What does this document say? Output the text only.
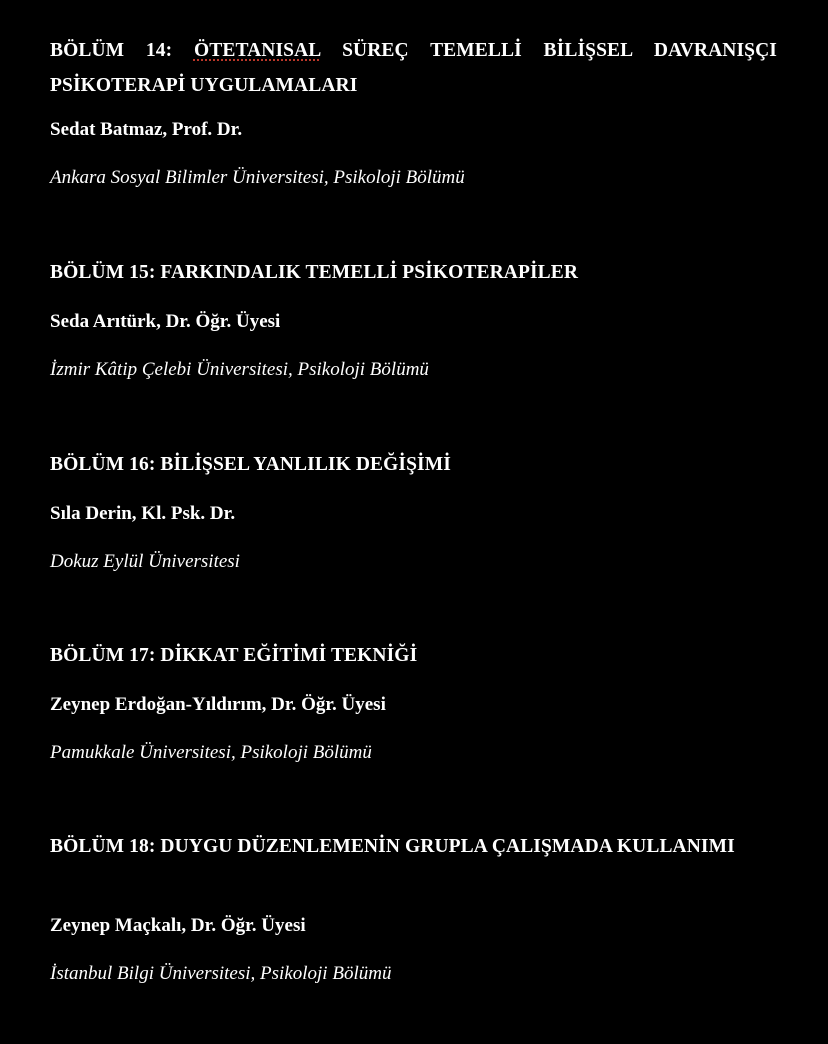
BÖLÜM 14: ÖTETANISAL SÜREÇ TEMELLİ BİLİŞSEL DAVRANIŞÇI PSİKOTERAPİ UYGULAMALARI

Sedat Batmaz, Prof. Dr.

Ankara Sosyal Bilimler Üniversitesi, Psikoloji Bölümü

BÖLÜM 15: FARKINDALIK TEMELLİ PSİKOTERAPİLER

Seda Arıtürk, Dr. Öğr. Üyesi

İzmir Kâtip Çelebi Üniversitesi, Psikoloji Bölümü

BÖLÜM 16: BİLİŞSEL YANLILIK DEĞİŞİMİ

Sıla Derin, Kl. Psk. Dr.

Dokuz Eylül Üniversitesi

BÖLÜM 17: DİKKAT EĞİTİMİ TEKNİĞİ

Zeynep Erdoğan-Yıldırım, Dr. Öğr. Üyesi

Pamukkale Üniversitesi, Psikoloji Bölümü

BÖLÜM 18: DUYGU DÜZENLEMENİN GRUPLA ÇALIŞMADA KULLANIMI

Zeynep Maçkalı, Dr. Öğr. Üyesi

İstanbul Bilgi Üniversitesi, Psikoloji Bölümü
